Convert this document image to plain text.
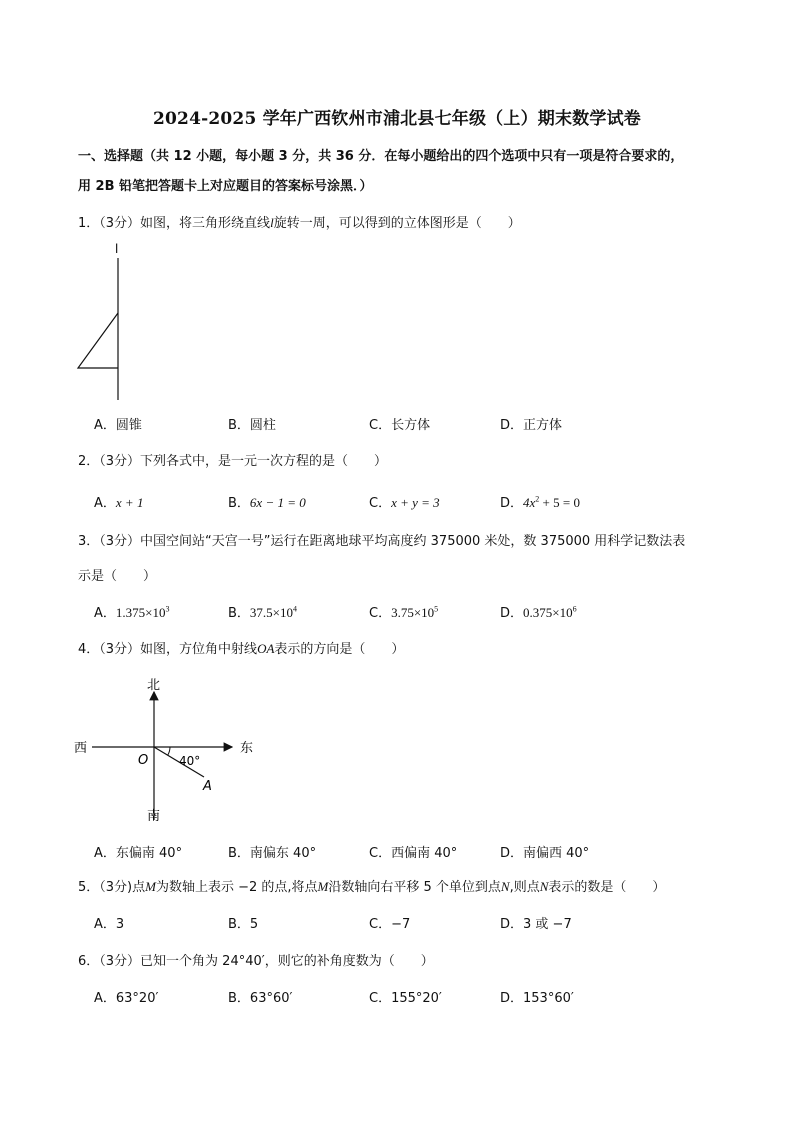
2024-2025 学年广西钦州市浦北县七年级（上）期末数学试卷
一、选择题（共 12 小题，每小题 3 分，共 36 分．在每小题给出的四个选项中只有一项是符合要求的，
用 2B 铅笔把答题卡上对应题目的答案标号涂黑．）
1．（3分）如图，将三角形绕直线l旋转一周，可以得到的立体图形是（　　）
l
A．圆锥	B．圆柱	C．长方体	D．正方体
2．（3分）下列各式中，是一元一次方程的是（　　）
A．x + 1	B．6x − 1 = 0	C．x + y = 3	D．$4x^2 + 5 = 0$
3．（3分）中国空间站“天宫一号”运行在距离地球平均高度约 375000 米处，数 375000 用科学记数法表
示是（　　）
A．$1.375\times 10^3$	B．$37.5\times 10^4$	C．$3.75\times 10^5$	D．$0.375\times 10^6$
4．（3分）如图，方位角中射线OA表示的方向是（　　）
北
南
西	东
O
A
40°
A．东偏南 40°	B．南偏东 40°	C．西偏南 40°	D．南偏西 40°
5．（3分)点M为数轴上表示 −2 的点,将点M沿数轴向右平移 5 个单位到点N,则点N表示的数是（　　）
A．3	B．5	C．−7	D．3 或 −7
6．（3分）已知一个角为 24°40′，则它的补角度数为（　　）
A．63°20′	B．63°60′	C．155°20′	D．153°60′
